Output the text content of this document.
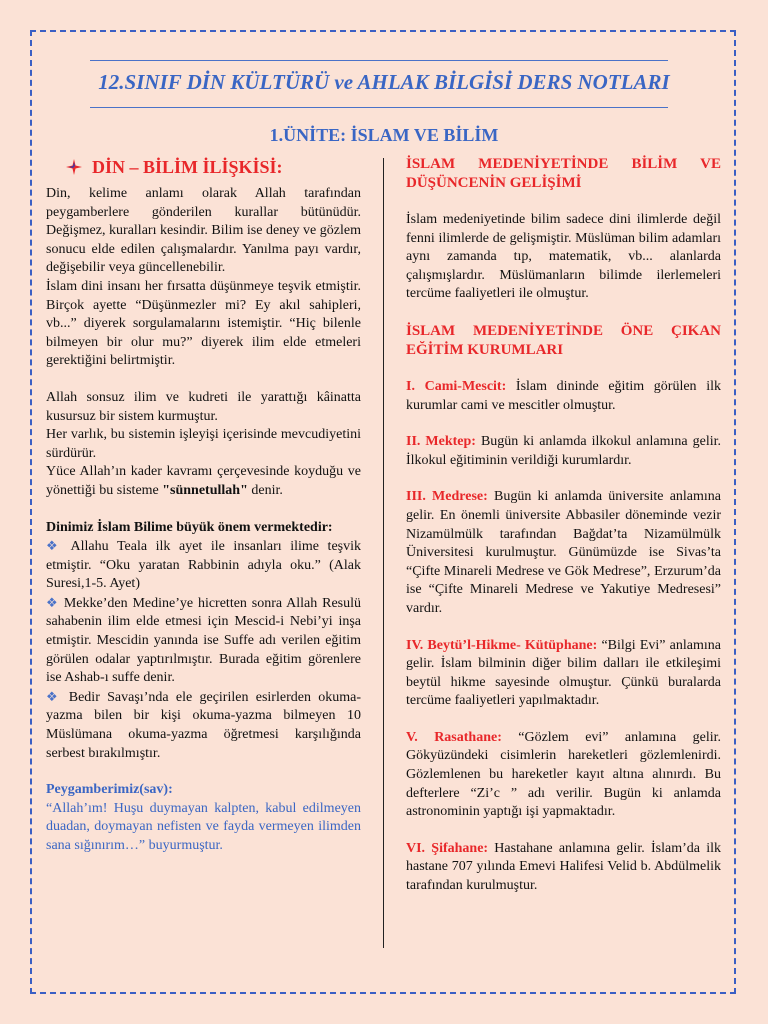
12.SINIF DİN KÜLTÜRÜ ve AHLAK BİLGİSİ DERS NOTLARI
1.ÜNİTE: İSLAM VE BİLİM
DİN – BİLİM İLİŞKİSİ:

Din, kelime anlamı olarak Allah tarafından peygamberlere gönderilen kurallar bütünüdür. Değişmez, kuralları kesindir. Bilim ise deney ve gözlem sonucu elde edilen çalışmalardır. Yanılma payı vardır, değişebilir veya güncellenebilir.

İslam dini insanı her fırsatta düşünmeye teşvik etmiştir. Birçok ayette “Düşünmezler mi? Ey akıl sahipleri, vb...” diyerek sorgulamalarını istemiştir. “Hiç bilenle bilmeyen bir olur mu?” diyerek ilim elde etmeleri gerektiğini belirtmiştir.

Allah sonsuz ilim ve kudreti ile yarattığı kâinatta kusursuz bir sistem kurmuştur.

Her varlık, bu sistemin işleyişi içerisinde mevcudiyetini sürdürür.

Yüce Allah’ın kader kavramı çerçevesinde koyduğu ve yönettiği bu sisteme "sünnetullah" denir.

Dinimiz İslam Bilime büyük önem vermektedir:

❖ Allahu Teala ilk ayet ile insanları ilime teşvik etmiştir. “Oku yaratan Rabbinin adıyla oku.” (Alak Suresi,1-5. Ayet)

❖ Mekke’den Medine’ye hicretten sonra Allah Resulü sahabenin ilim elde etmesi için Mescid-i Nebi’yi inşa etmiştir. Mescidin yanında ise Suffe adı verilen eğitim görülen odalar yaptırılmıştır. Burada eğitim görenlere ise Ashab-ı suffe denir.

❖ Bedir Savaşı’nda ele geçirilen esirlerden okuma-yazma bilen bir kişi okuma-yazma bilmeyen 10 Müslümana okuma-yazma öğretmesi karşılığında serbest bırakılmıştır.

Peygamberimiz(sav):

“Allah’ım! Huşu duymayan kalpten, kabul edilmeyen duadan, doymayan nefisten ve fayda vermeyen ilimden sana sığınırım…” buyurmuştur.

İSLAM MEDENİYETİNDE BİLİM VE DÜŞÜNCENİN GELİŞİMİ

İslam medeniyetinde bilim sadece dini ilimlerde değil fenni ilimlerde de gelişmiştir. Müslüman bilim adamları aynı zamanda tıp, matematik, vb... alanlarda çalışmışlardır. Müslümanların bilimde ilerlemeleri tercüme faaliyetleri ile olmuştur.

İSLAM MEDENİYETİNDE ÖNE ÇIKAN EĞİTİM KURUMLARI

I. Cami-Mescit: İslam dininde eğitim görülen ilk kurumlar cami ve mescitler olmuştur.

II. Mektep: Bugün ki anlamda ilkokul anlamına gelir. İlkokul eğitiminin verildiği kurumlardır.

III. Medrese: Bugün ki anlamda üniversite anlamına gelir. En önemli üniversite Abbasiler döneminde vezir Nizamülmülk tarafından Bağdat’ta Nizamülmülk Üniversitesi kurulmuştur. Günümüzde ise Sivas’ta “Çifte Minareli Medrese ve Gök Medrese”, Erzurum’da ise “Çifte Minareli Medrese ve Yakutiye Medresesi” vardır.

IV. Beytü’l-Hikme- Kütüphane: “Bilgi Evi” anlamına gelir. İslam bilminin diğer bilim dalları ile etkileşimi beytül hikme sayesinde olmuştur. Çünkü buralarda tercüme faaliyetleri yapılmaktadır.

V. Rasathane: “Gözlem evi” anlamına gelir. Gökyüzündeki cisimlerin hareketleri gözlemlenirdi. Gözlemlenen bu hareketler kayıt altına alınırdı. Bu defterlere “Zi’c ” adı verilir. Bugün ki anlamda astronominin yaptığı işi yapmaktadır.

VI. Şifahane: Hastahane anlamına gelir. İslam’da ilk hastane 707 yılında Emevi Halifesi Velid b. Abdülmelik tarafından kurulmuştur.
